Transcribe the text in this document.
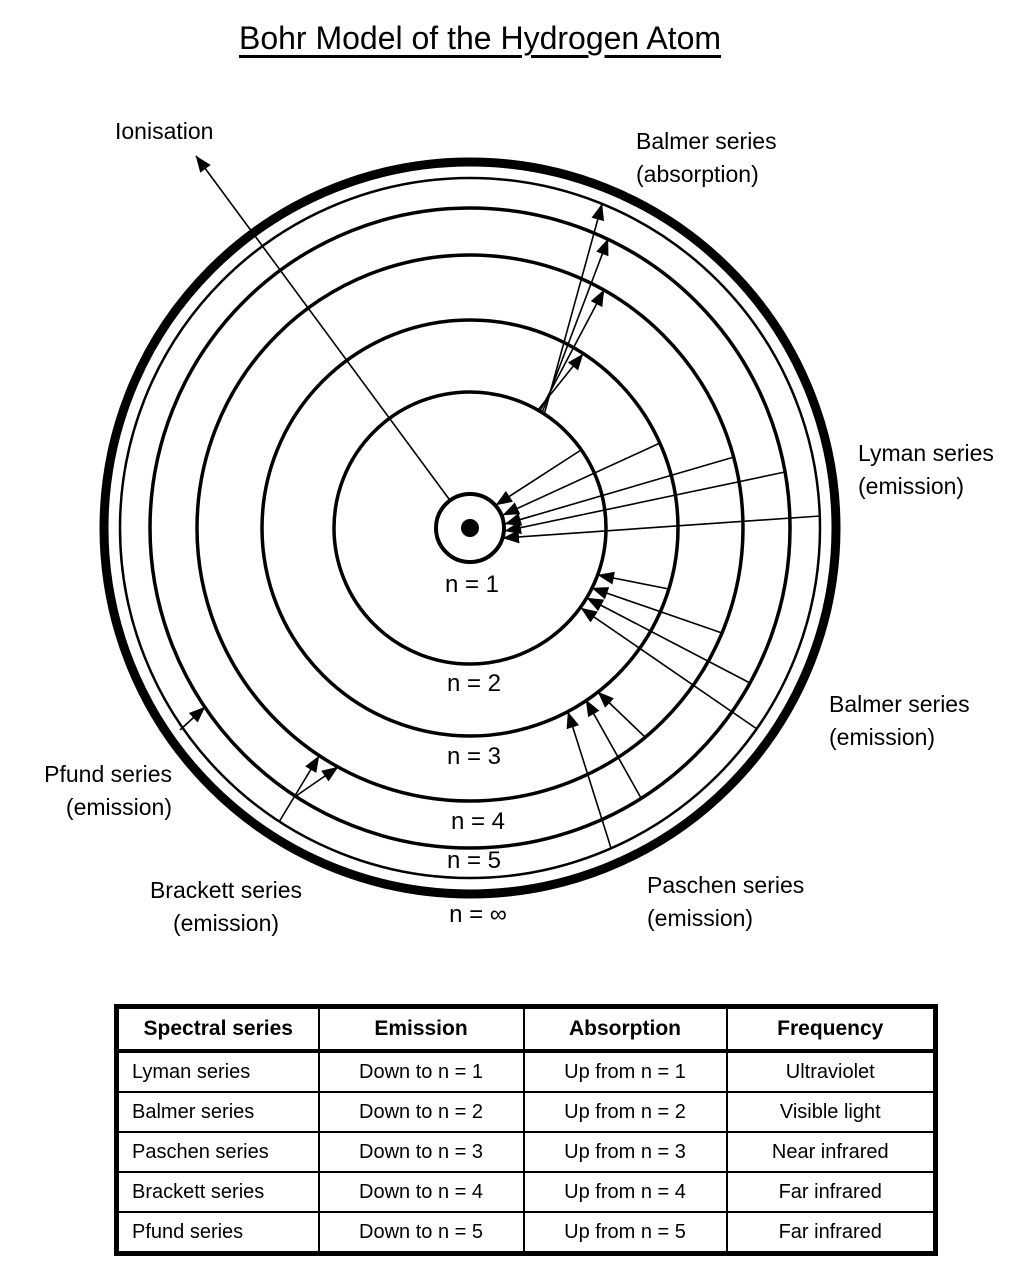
Bohr Model of the Hydrogen Atom
n = 1
n = 2
n = 3
n = 4
n = 5
n = ∞
Ionisation	Balmer series
(absorption)
Lyman series
(emission)
Balmer series
(emission)
Paschen series
(emission)
Brackett series
(emission)
Pfund series
(emission)
Spectral series	Emission	Absorption	Frequency
Lyman series	Down to n = 1	Up from n = 1	Ultraviolet
Balmer series	Down to n = 2	Up from n = 2	Visible light
Paschen series	Down to n = 3	Up from n = 3	Near infrared
Brackett series	Down to n = 4	Up from n = 4	Far infrared
Pfund series	Down to n = 5	Up from n = 5	Far infrared
